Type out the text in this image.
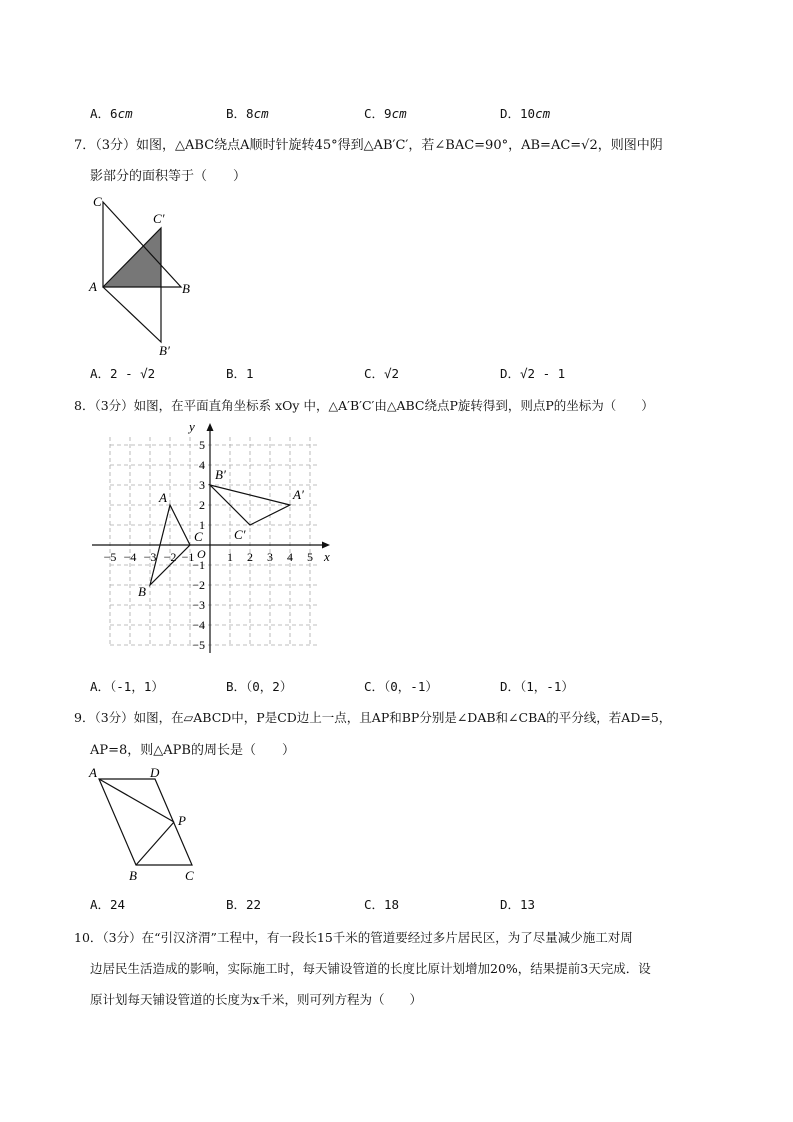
A．6cm	B．8cm	C．9cm	D．10cm
7．（3分）如图，△ABC绕点A顺时针旋转45°得到△AB′C′，若∠BAC=90°，AB=AC=√2，则图中阴
影部分的面积等于（　　）
C
C′
A	B
B′
A．2 - √2	B．1	C．√2	D．√2 - 1
8．（3分）如图，在平面直角坐标系 xOy 中，△A′B′C′由△ABC绕点P旋转得到，则点P的坐标为（　　）
x
y
O
−5 −4 −3 −2 −1	1 2 3 4 5
5
4
3
2
1
−1
−2
−3
−4
−5
A
B
C
A′
B′
C′
A．（-1，1）	B．（0，2）	C．（0，-1）	D．（1，-1）
9．（3分）如图，在▱ABCD中，P是CD边上一点，且AP和BP分别是∠DAB和∠CBA的平分线，若AD=5，
AP=8，则△APB的周长是（　　）
A	D
P
B	C
A．24	B．22	C．18	D．13
10．（3分）在“引汉济渭”工程中，有一段长15千米的管道要经过多片居民区，为了尽量减少施工对周
边居民生活造成的影响，实际施工时，每天铺设管道的长度比原计划增加20%，结果提前3天完成．设
原计划每天铺设管道的长度为x千米，则可列方程为（　　）
